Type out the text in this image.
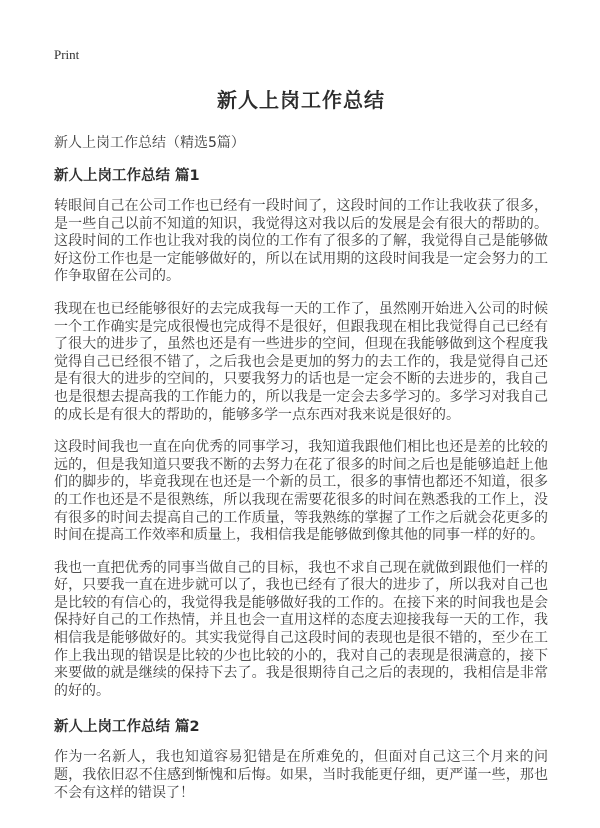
Print
新人上岗工作总结

新人上岗工作总结（精选5篇）

新人上岗工作总结 篇1

转眼间自己在公司工作也已经有一段时间了，这段时间的工作让我收获了很多，是一些自己以前不知道的知识，我觉得这对我以后的发展是会有很大的帮助的。这段时间的工作也让我对我的岗位的工作有了很多的了解，我觉得自己是能够做好这份工作也是一定能够做好的，所以在试用期的这段时间我是一定会努力的工作争取留在公司的。

我现在也已经能够很好的去完成我每一天的工作了，虽然刚开始进入公司的时候一个工作确实是完成很慢也完成得不是很好，但跟我现在相比我觉得自己已经有了很大的进步了，虽然也还是有一些进步的空间，但现在我能够做到这个程度我觉得自己已经很不错了，之后我也会是更加的努力的去工作的，我是觉得自己还是有很大的进步的空间的，只要我努力的话也是一定会不断的去进步的，我自己也是很想去提高我的工作能力的，所以我是一定会去多学习的。多学习对我自己的成长是有很大的帮助的，能够多学一点东西对我来说是很好的。

这段时间我也一直在向优秀的同事学习，我知道我跟他们相比也还是差的比较的远的，但是我知道只要我不断的去努力在花了很多的时间之后也是能够追赶上他们的脚步的，毕竟我现在也还是一个新的员工，很多的事情也都还不知道，很多的工作也还是不是很熟练，所以我现在需要花很多的时间在熟悉我的工作上，没有很多的时间去提高自己的工作质量，等我熟练的掌握了工作之后就会花更多的时间在提高工作效率和质量上，我相信我是能够做到像其他的同事一样的好的。

我也一直把优秀的同事当做自己的目标，我也不求自己现在就做到跟他们一样的好，只要我一直在进步就可以了，我也已经有了很大的进步了，所以我对自己也是比较的有信心的，我觉得我是能够做好我的工作的。在接下来的时间我也是会保持好自己的工作热情，并且也会一直用这样的态度去迎接我每一天的工作，我相信我是能够做好的。其实我觉得自己这段时间的表现也是很不错的，至少在工作上我出现的错误是比较的少也比较的小的，我对自己的表现是很满意的，接下来要做的就是继续的保持下去了。我是很期待自己之后的表现的，我相信是非常的好的。

新人上岗工作总结 篇2

作为一名新人，我也知道容易犯错是在所难免的，但面对自己这三个月来的问题，我依旧忍不住感到惭愧和后悔。如果，当时我能更仔细，更严谨一些，那也不会有这样的错误了！
